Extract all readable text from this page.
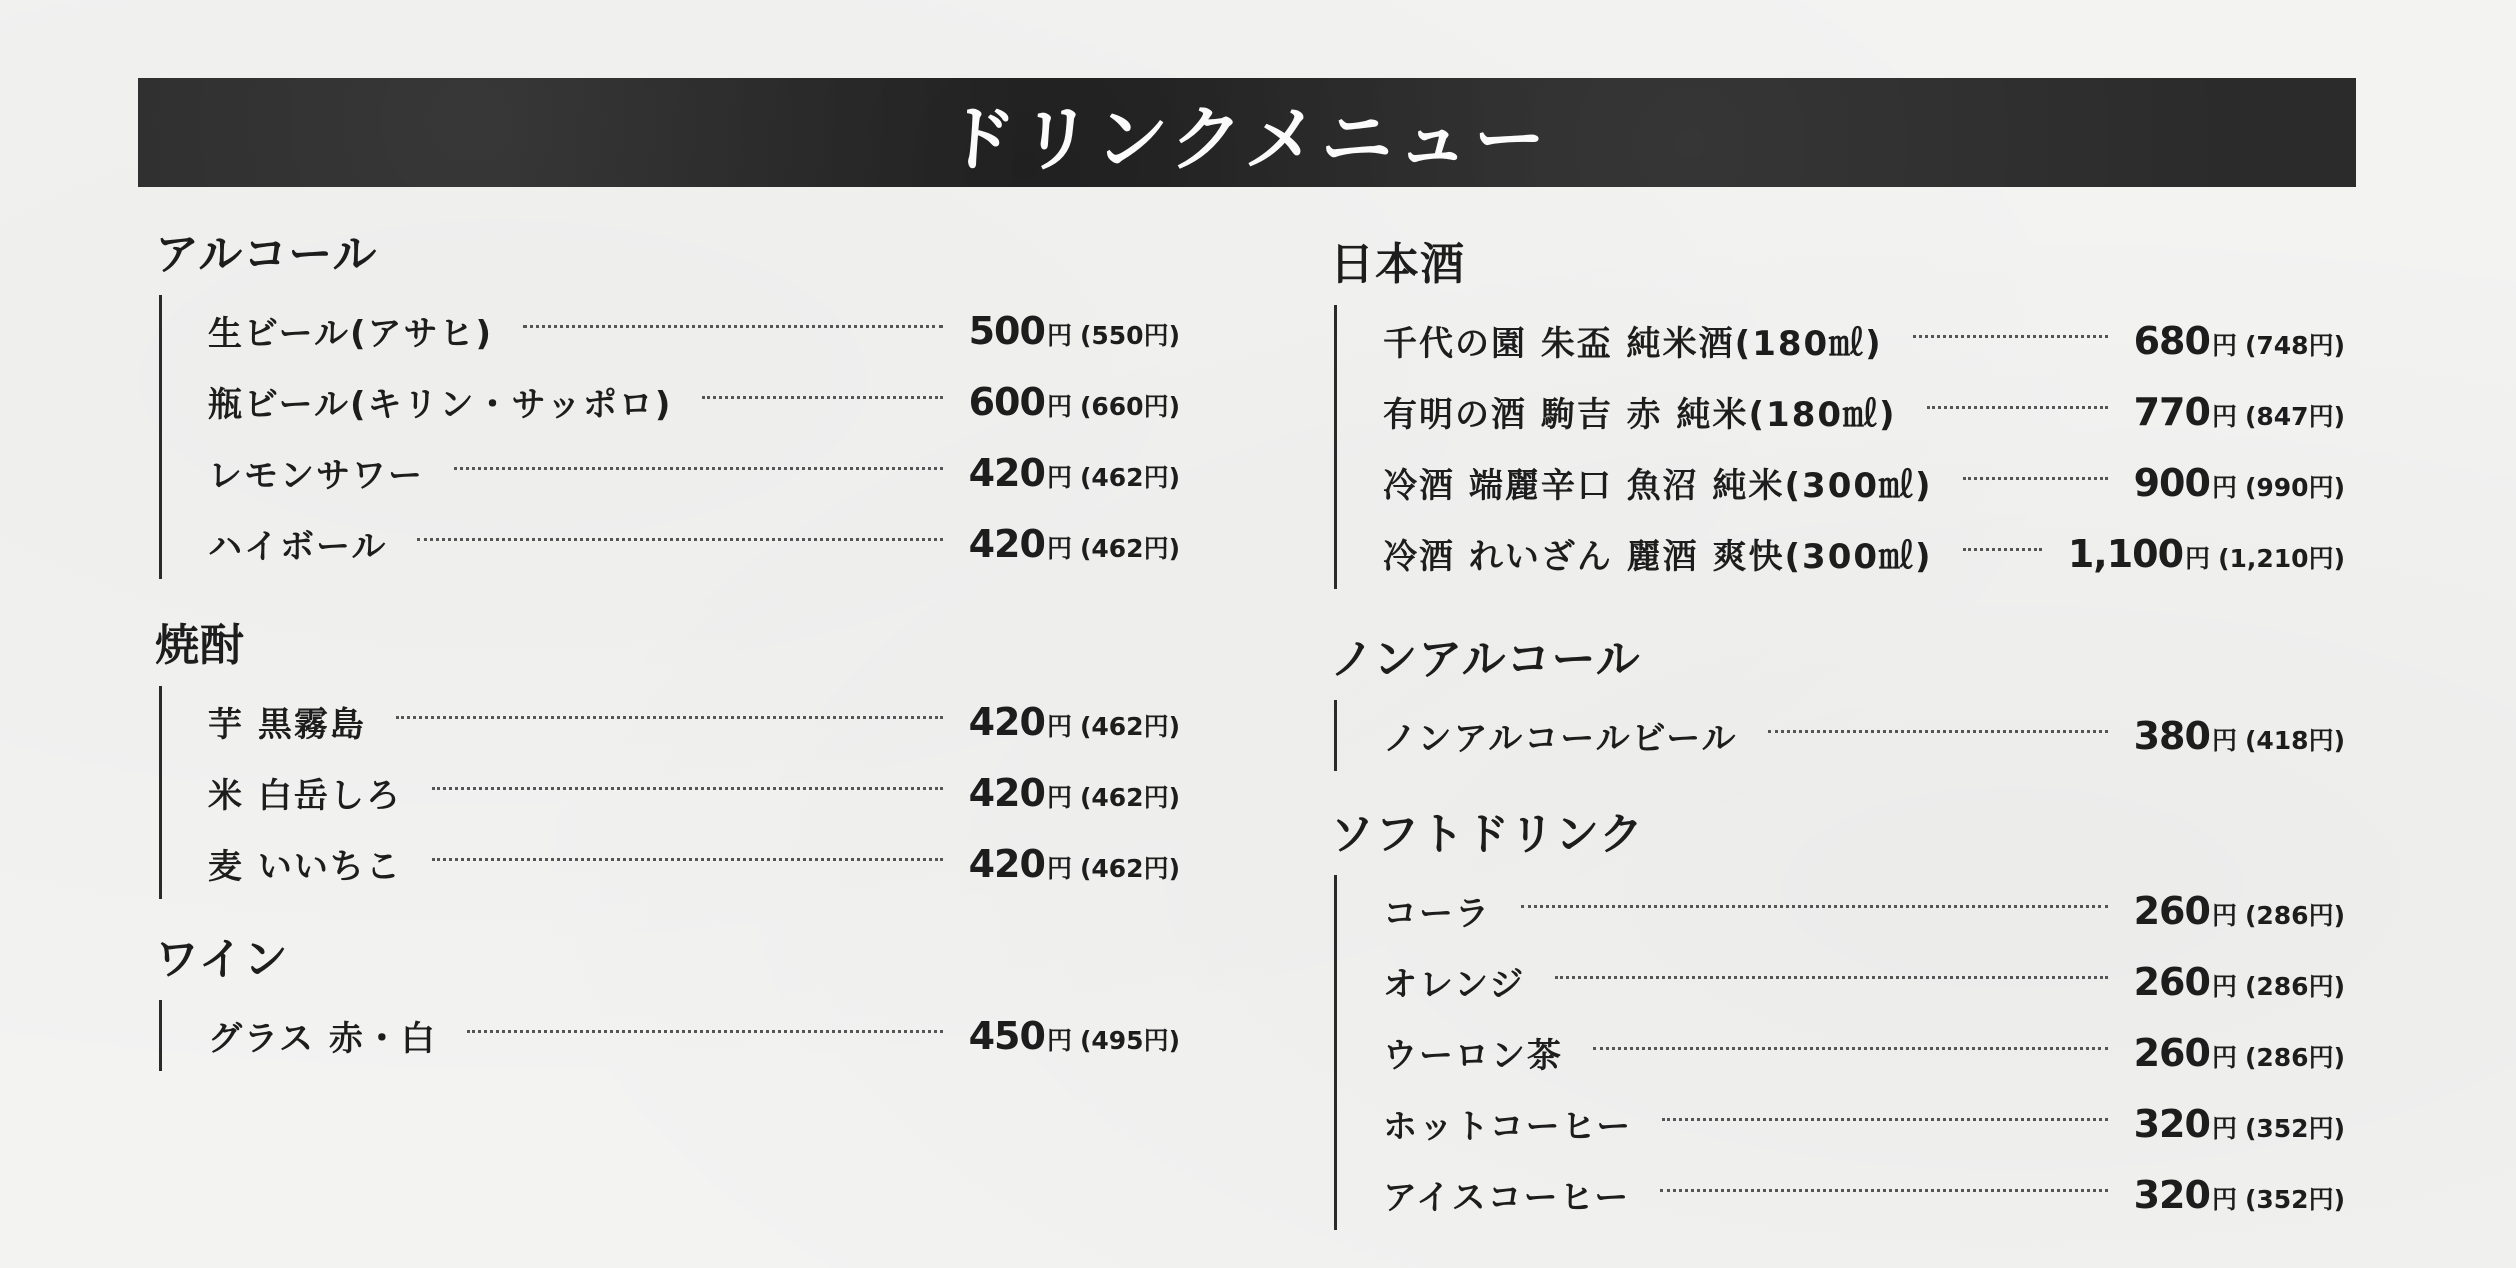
ドリンクメニュー
アルコール
生ビール(アサヒ)	500 円 (550円)
瓶ビール(キリン・サッポロ)	600 円 (660円)
レモンサワー	420 円 (462円)
ハイボール	420 円 (462円)
焼酎
芋 黒霧島	420 円 (462円)
米 白岳しろ	420 円 (462円)
麦 いいちこ	420 円 (462円)
ワイン
グラス 赤・白	450 円 (495円)
日本酒
千代の園 朱盃 純米酒(180㎖)	680 円 (748円)
有明の酒 駒吉 赤 純米(180㎖)	770 円 (847円)
冷酒 端麗辛口 魚沼 純米(300㎖)	900 円 (990円)
冷酒 れいざん 麗酒 爽快(300㎖)	1,100 円 (1,210円)
ノンアルコール
ノンアルコールビール	380 円 (418円)
ソフトドリンク
コーラ	260 円 (286円)
オレンジ	260 円 (286円)
ウーロン茶	260 円 (286円)
ホットコーヒー	320 円 (352円)
アイスコーヒー	320 円 (352円)
